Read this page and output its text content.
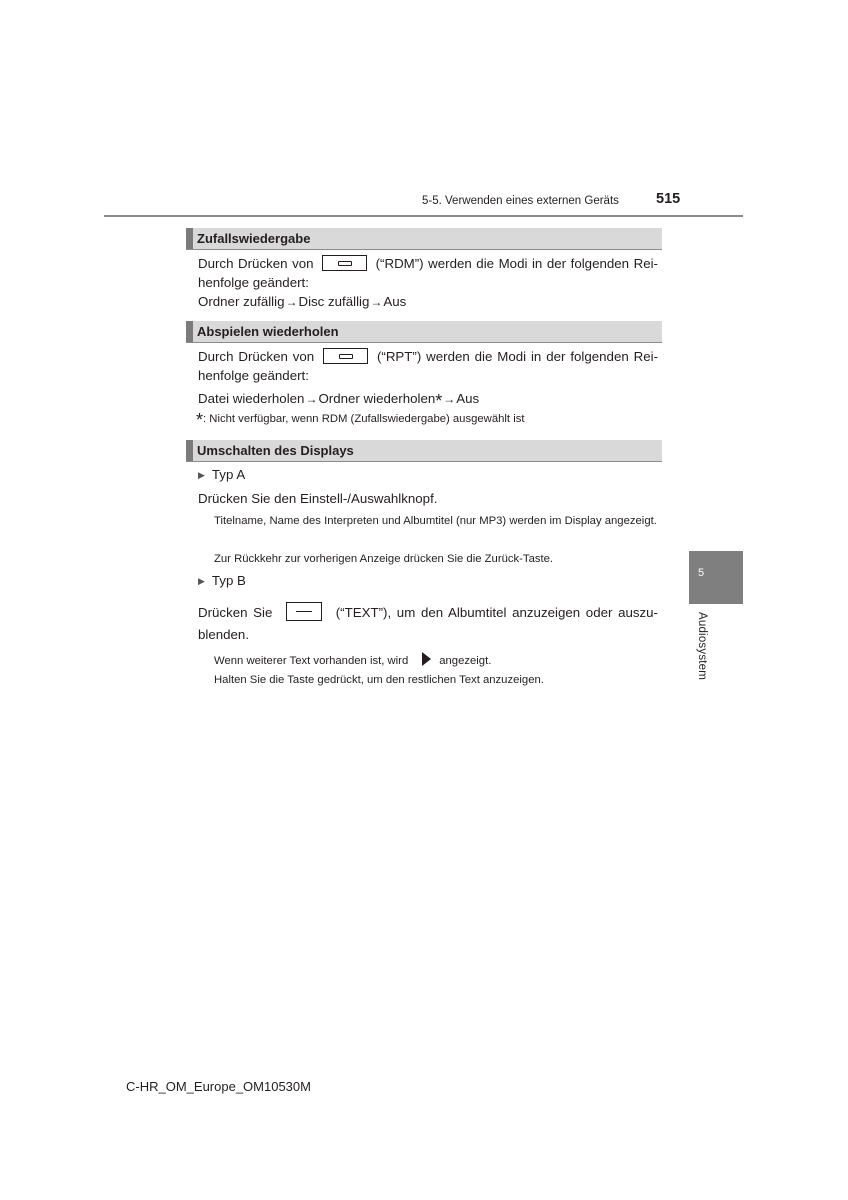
5-5. Verwenden eines externen Geräts	515
Zufallswiedergabe
Durch Drücken von	(“RDM”) werden die Modi in der folgenden Rei-
henfolge geändert:
Ordner zufällig→Disc zufällig→Aus
Abspielen wiederholen
Durch Drücken von	(“RPT”) werden die Modi in der folgenden Rei-
henfolge geändert:
Datei wiederholen→Ordner wiederholen*→Aus
*: Nicht verfügbar, wenn RDM (Zufallswiedergabe) ausgewählt ist
Umschalten des Displays
▶ Typ A
Drücken Sie den Einstell-/Auswahlknopf.
Titelname, Name des Interpreten und Albumtitel (nur MP3) werden im Display angezeigt.
Zur Rückkehr zur vorherigen Anzeige drücken Sie die Zurück-Taste.
▶ Typ B
Drücken Sie	(“TEXT”), um den Albumtitel anzuzeigen oder auszu-
blenden.
Wenn weiterer Text vorhanden ist, wird	angezeigt.
Halten Sie die Taste gedrückt, um den restlichen Text anzuzeigen.
5
Audiosystem
C-HR_OM_Europe_OM10530M
